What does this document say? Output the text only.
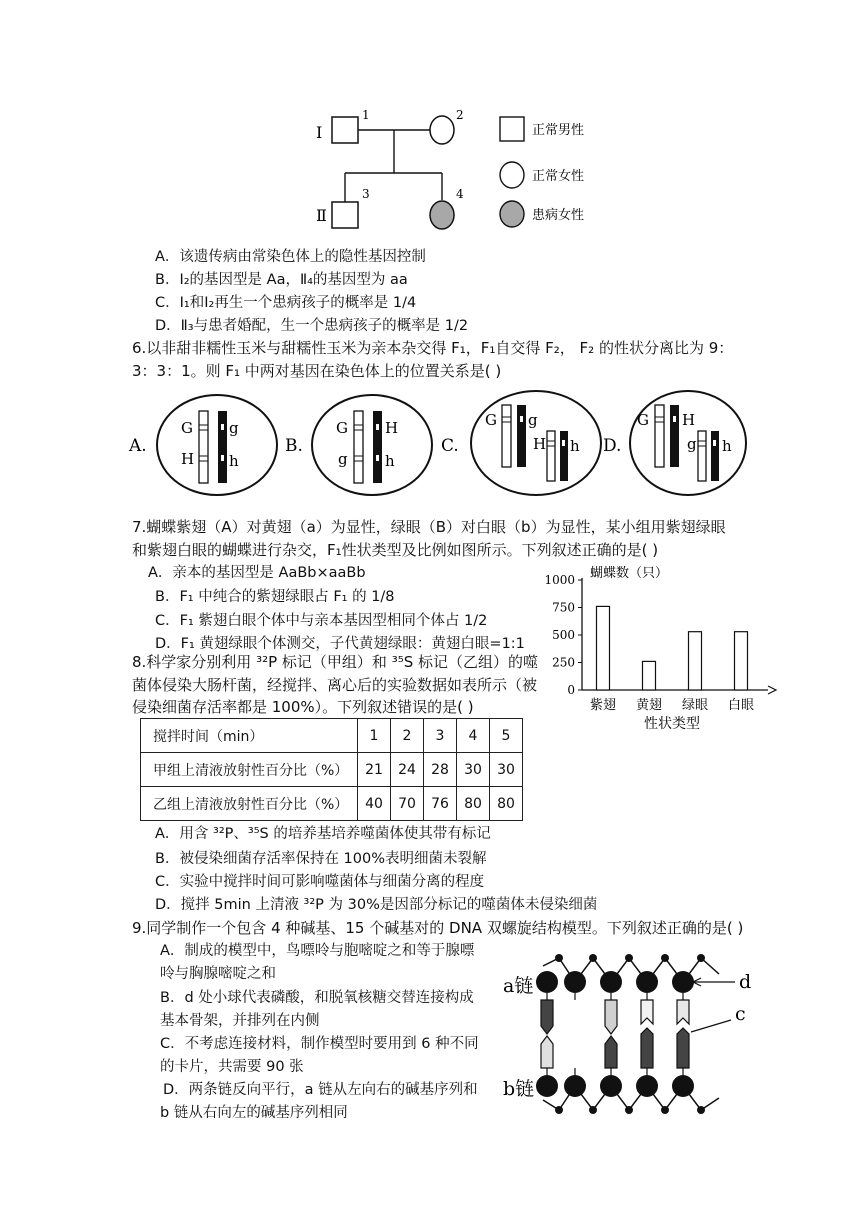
Ⅰ
Ⅱ
1	2
3	4
正常男性
正常女性
患病女性
A．该遗传病由常染色体上的隐性基因控制
B．Ⅰ₂的基因型是 Aa，Ⅱ₄的基因型为 aa
C．Ⅰ₁和Ⅰ₂再生一个患病孩子的概率是 1/4
D．Ⅱ₃与患者婚配，生一个患病孩子的概率是 1/2
6.以非甜非糯性玉米与甜糯性玉米为亲本杂交得 F₁，F₁自交得 F₂， F₂ 的性状分离比为 9：
3：3：1。则 F₁ 中两对基因在染色体上的位置关系是( )
A.
G
H
g
h
B.
G
g
H
h
C.
G g
H h D.
G H
g h
7.蝴蝶紫翅（A）对黄翅（a）为显性，绿眼（B）对白眼（b）为显性，某小组用紫翅绿眼
和紫翅白眼的蝴蝶进行杂交，F₁性状类型及比例如图所示。下列叙述正确的是( )
A．亲本的基因型是 AaBb×aaBb
B．F₁ 中纯合的紫翅绿眼占 F₁ 的 1/8
C．F₁ 紫翅白眼个体中与亲本基因型相同个体占 1/2
D．F₁ 黄翅绿眼个体测交，子代黄翅绿眼：黄翅白眼=1:1
蝴蝶数（只）
0
250
500
750
1000
紫翅 黄翅 绿眼 白眼
性状类型
8.科学家分别利用 ³²P 标记（甲组）和 ³⁵S 标记（乙组）的噬
菌体侵染大肠杆菌，经搅拌、离心后的实验数据如表所示（被
侵染细菌存活率都是 100%）。下列叙述错误的是( )
搅拌时间（min）	1	2	3	4	5
甲组上清液放射性百分比（%）	21	24	28	30	30
乙组上清液放射性百分比（%）	40	70	76	80	80
A．用含 ³²P、³⁵S 的培养基培养噬菌体使其带有标记
B．被侵染细菌存活率保持在 100%表明细菌未裂解
C．实验中搅拌时间可影响噬菌体与细菌分离的程度
D．搅拌 5min 上清液 ³²P 为 30%是因部分标记的噬菌体未侵染细菌
9.同学制作一个包含 4 种碱基、15 个碱基对的 DNA 双螺旋结构模型。下列叙述正确的是( )
A．制成的模型中，鸟嘌呤与胞嘧啶之和等于腺嘌
呤与胸腺嘧啶之和
B．d 处小球代表磷酸，和脱氧核糖交替连接构成
基本骨架，并排列在内侧
C．不考虑连接材料，制作模型时要用到 6 种不同
的卡片，共需要 90 张
D．两条链反向平行，a 链从左向右的碱基序列和
b 链从右向左的碱基序列相同
a链
b链
d
c
